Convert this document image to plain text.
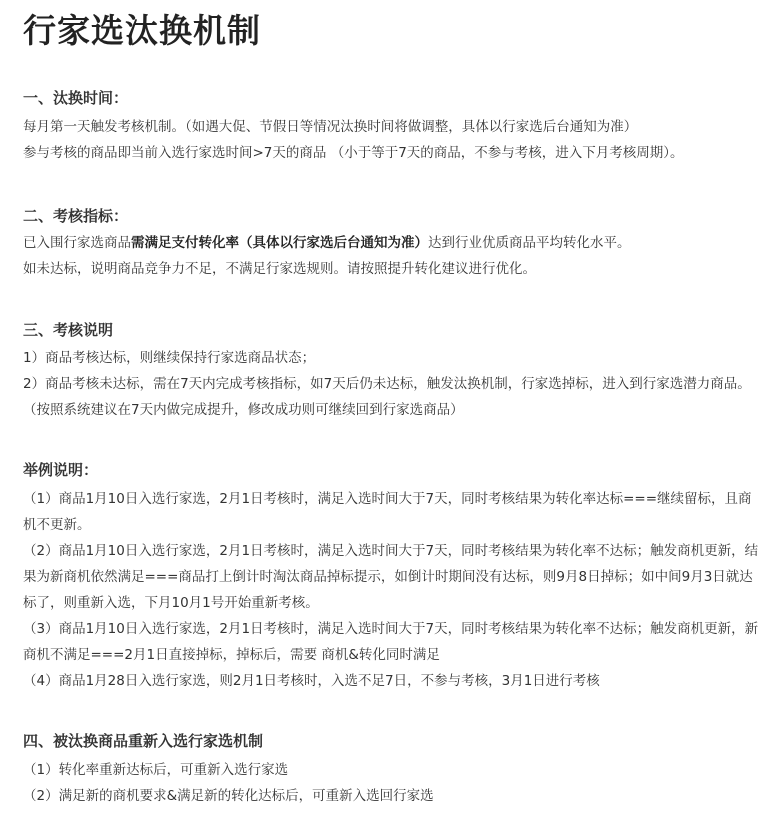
行家选汰换机制
一、汰换时间：

每月第一天触发考核机制。（如遇大促、节假日等情况汰换时间将做调整，具体以行家选后台通知为准）

参与考核的商品即当前入选行家选时间>7天的商品 （小于等于7天的商品，不参与考核，进入下月考核周期）。

二、考核指标：

已入围行家选商品需满足支付转化率（具体以行家选后台通知为准）达到行业优质商品平均转化水平。

如未达标，说明商品竞争力不足，不满足行家选规则。请按照提升转化建议进行优化。

三、考核说明

1）商品考核达标，则继续保持行家选商品状态；

2）商品考核未达标，需在7天内完成考核指标，如7天后仍未达标，触发汰换机制，行家选掉标，进入到行家选潜力商品。（按照系统建议在7天内做完成提升，修改成功则可继续回到行家选商品）

举例说明：

（1）商品1月10日入选行家选，2月1日考核时，满足入选时间大于7天，同时考核结果为转化率达标===继续留标，且商机不更新。

（2）商品1月10日入选行家选，2月1日考核时，满足入选时间大于7天，同时考核结果为转化率不达标；触发商机更新，结果为新商机依然满足===商品打上倒计时淘汰商品掉标提示，如倒计时期间没有达标，则9月8日掉标；如中间9月3日就达标了，则重新入选，下月10月1号开始重新考核。

（3）商品1月10日入选行家选，2月1日考核时，满足入选时间大于7天，同时考核结果为转化率不达标；触发商机更新，新商机不满足===2月1日直接掉标，掉标后，需要 商机&转化同时满足

（4）商品1月28日入选行家选，则2月1日考核时，入选不足7日，不参与考核，3月1日进行考核

四、被汰换商品重新入选行家选机制

（1）转化率重新达标后，可重新入选行家选

（2）满足新的商机要求&满足新的转化达标后，可重新入选回行家选
